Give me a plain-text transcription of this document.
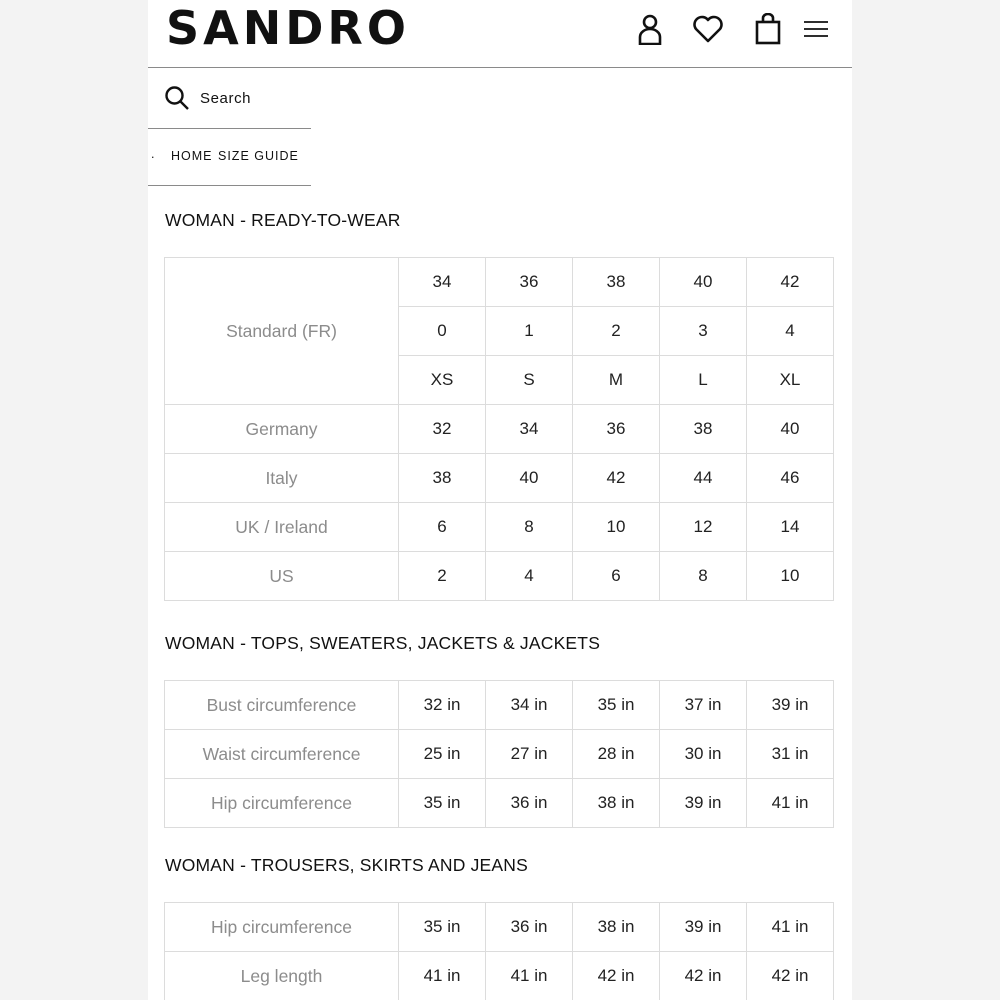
SANDRO
Search
. HOME SIZE GUIDE
WOMAN - READY-TO-WEAR
Standard (FR)	34	36	38	40	42
	0	1	2	3	4
	XS	S	M	L	XL
Germany	32	34	36	38	40
Italy	38	40	42	44	46
UK / Ireland	6	8	10	12	14
US	2	4	6	8	10
WOMAN - TOPS, SWEATERS, JACKETS & JACKETS
Bust circumference	32 in	34 in	35 in	37 in	39 in
Waist circumference	25 in	27 in	28 in	30 in	31 in
Hip circumference	35 in	36 in	38 in	39 in	41 in
WOMAN - TROUSERS, SKIRTS AND JEANS
Hip circumference	35 in	36 in	38 in	39 in	41 in
Leg length	41 in	41 in	42 in	42 in	42 in
